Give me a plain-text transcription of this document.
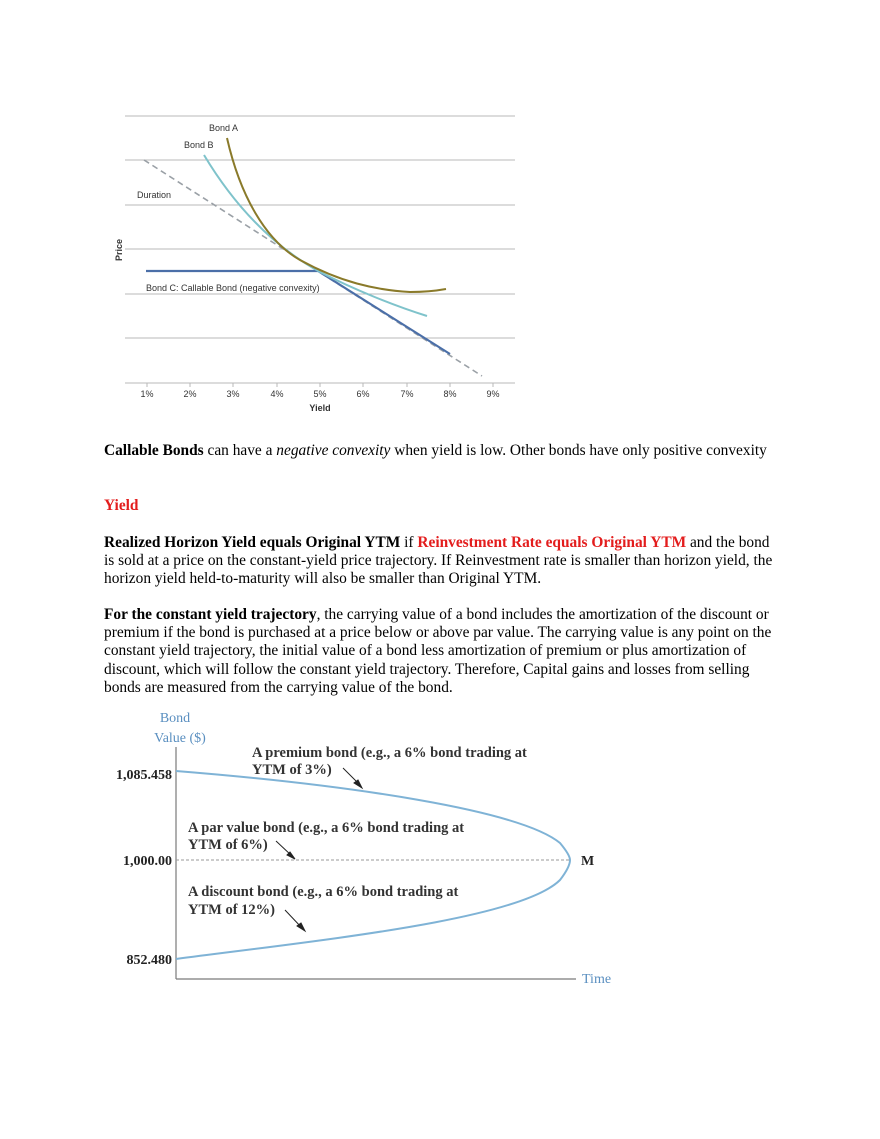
Bond A
Bond B
Duration
Bond C: Callable Bond (negative convexity)
1%	2%	3%	4%	5%	6%	7%	8%	9%
Yield
Price

Callable Bonds can have a negative convexity when yield is low. Other bonds have only positive convexity

Yield

Realized Horizon Yield equals Original YTM if Reinvestment Rate equals Original YTM and the bond is sold at a price on the constant-yield price trajectory. If Reinvestment rate is smaller than horizon yield, the horizon yield held-to-maturity will also be smaller than Original YTM.

For the constant yield trajectory, the carrying value of a bond includes the amortization of the discount or premium if the bond is purchased at a price below or above par value. The carrying value is any point on the constant yield trajectory, the initial value of a bond less amortization of premium or plus amortization of discount, which will follow the constant yield trajectory. Therefore, Capital gains and losses from selling bonds are measured from the carrying value of the bond.

Bond
Value ($)
1,085.458
1,000.00
852.480
M
Time
A premium bond (e.g., a 6% bond trading at
YTM of 3%)
A par value bond (e.g., a 6% bond trading at
YTM of 6%)
A discount bond (e.g., a 6% bond trading at
YTM of 12%)
